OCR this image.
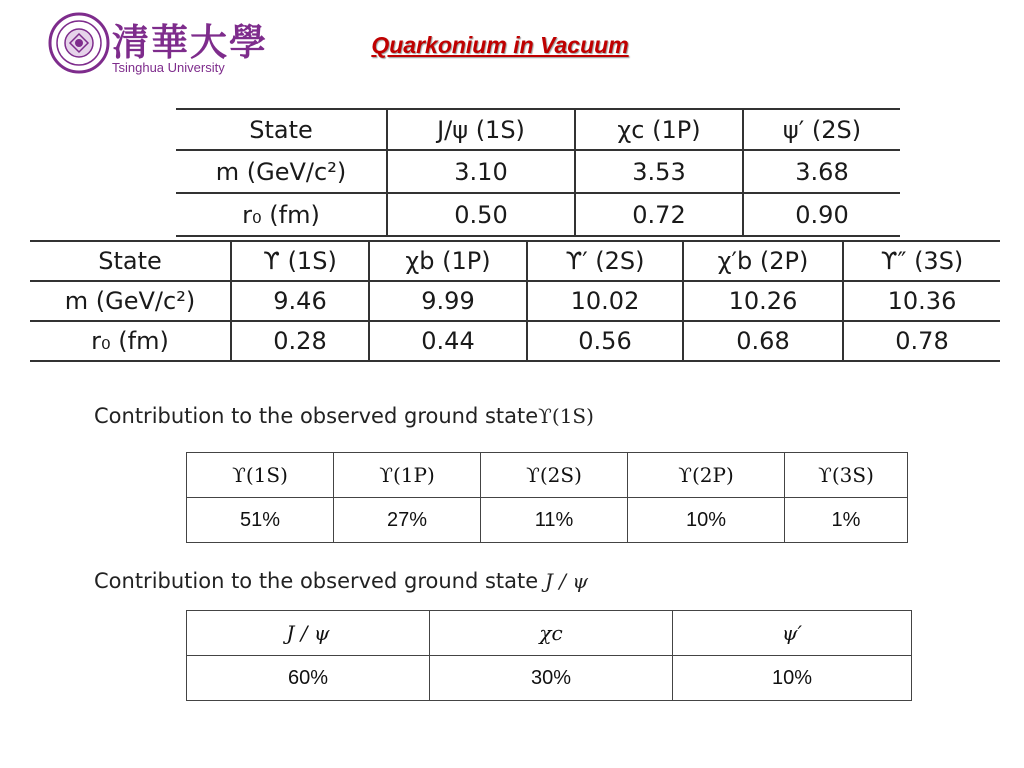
清華大學
Tsinghua University
Quarkonium in Vacuum
State	J/ψ (1S)	χc (1P)	ψ′ (2S)
m (GeV/c²)	3.10	3.53	3.68
r₀ (fm)	0.50	0.72	0.90
State	ϒ (1S)	χb (1P)	ϒ′ (2S)	χ′b (2P)	ϒ″ (3S)
m (GeV/c²)	9.46	9.99	10.02	10.26	10.36
r₀ (fm)	0.28	0.44	0.56	0.68	0.78
Contribution to the observed ground stateϒ(1S)
ϒ(1S)	ϒ(1P)	ϒ(2S)	ϒ(2P)	ϒ(3S)
51%	27%	11%	10%	1%
Contribution to the observed ground state J / ψ
J / ψ	χc	ψ′
60%	30%	10%
